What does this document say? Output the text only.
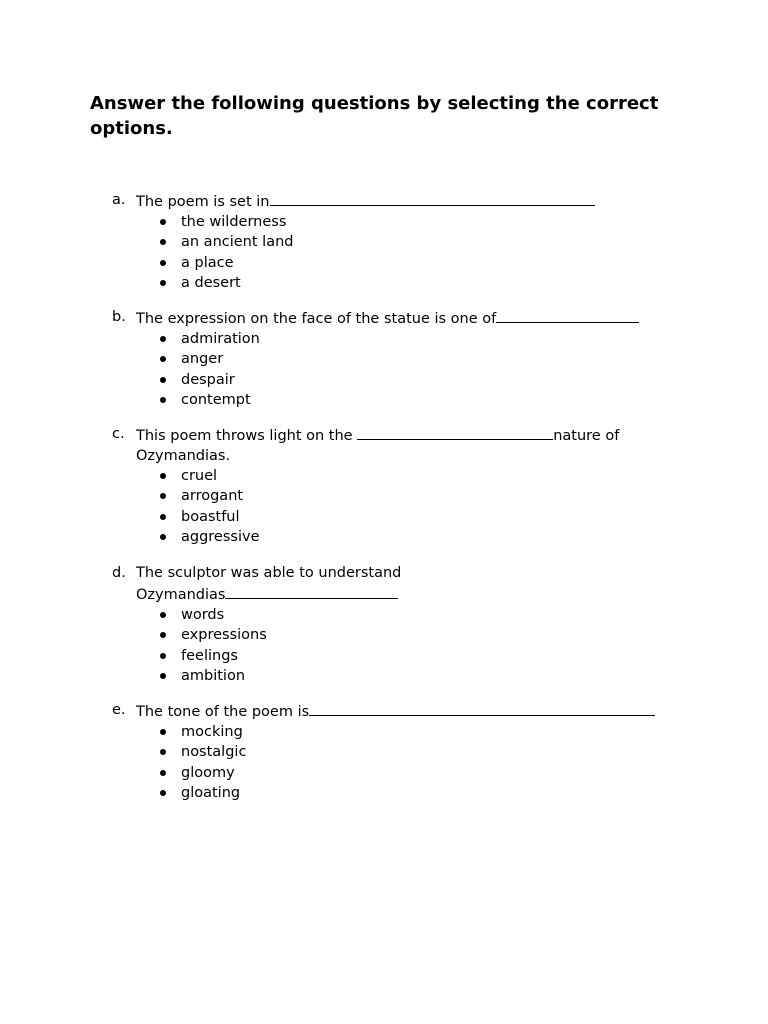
Answer the following questions by selecting the correct options.
a. The poem is set in
the wilderness
an ancient land
a place
a desert
b. The expression on the face of the statue is one of
admiration
anger
despair
contempt
c. This poem throws light on the	nature of
Ozymandias.
cruel
arrogant
boastful
aggressive
d. The sculptor was able to understand
Ozymandias
words
expressions
feelings
ambition
e. The tone of the poem is
mocking
nostalgic
gloomy
gloating
